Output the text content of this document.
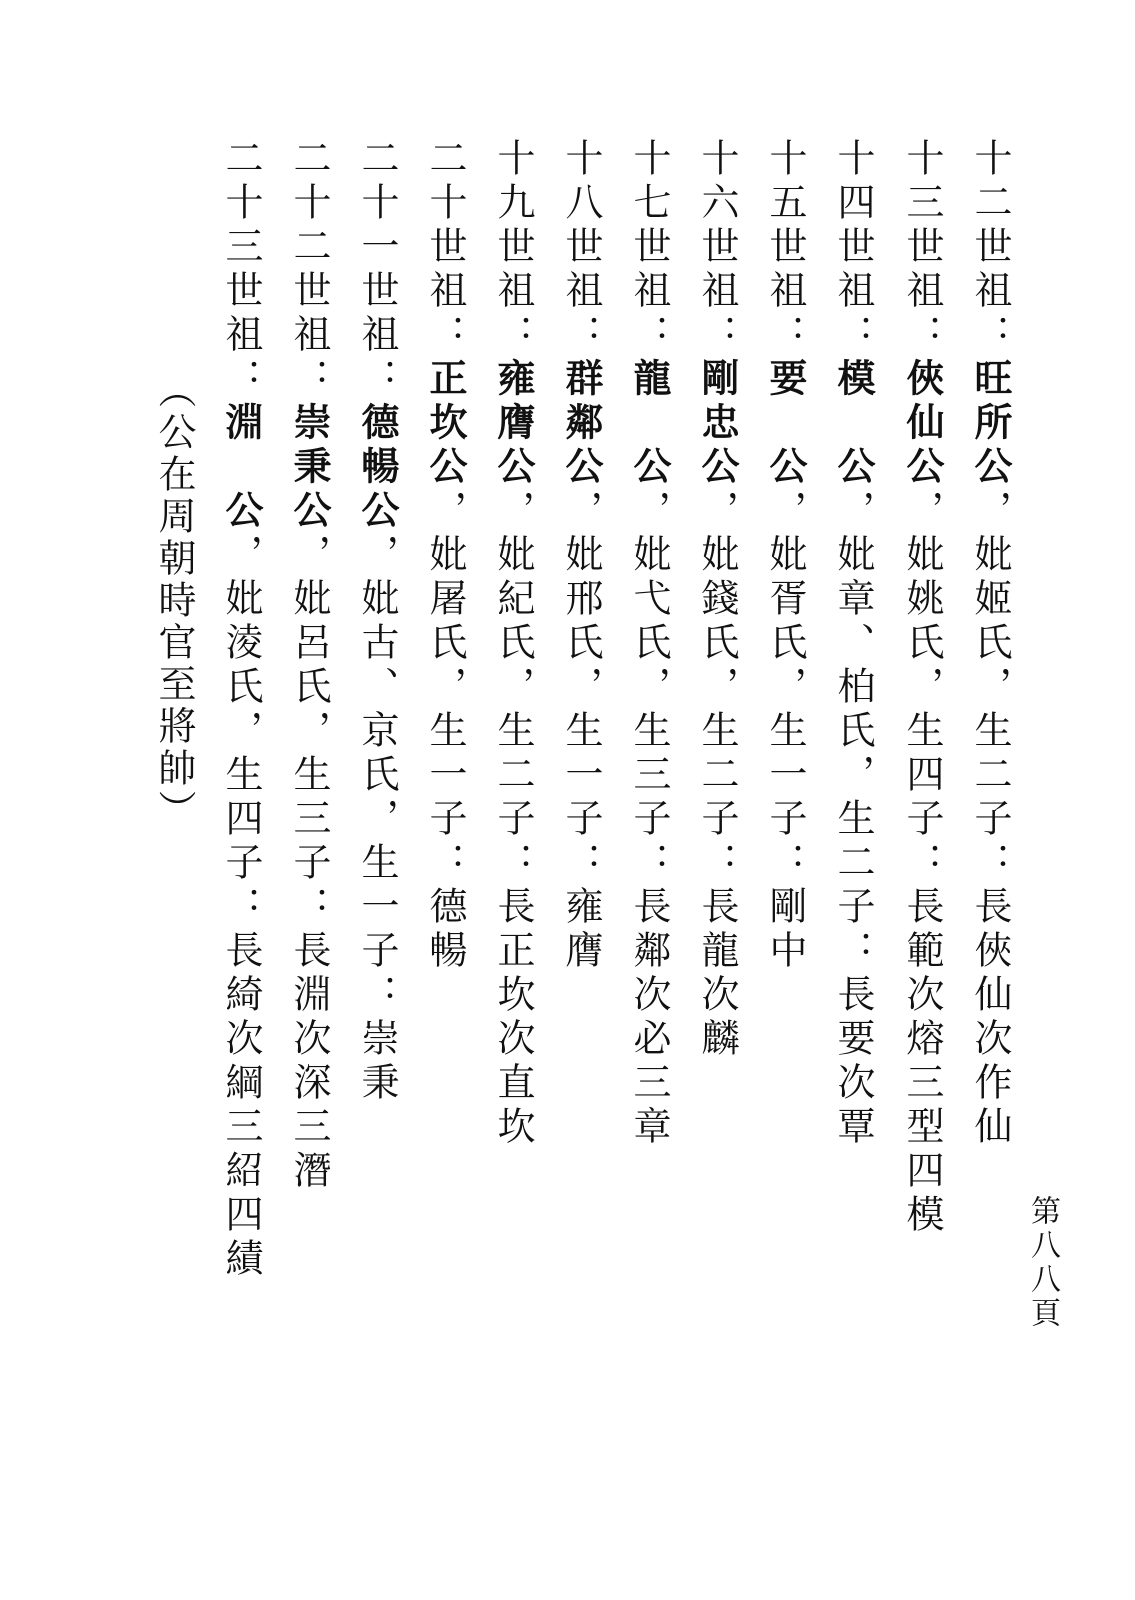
十二世祖：旺所公，妣姬氏，生二子：長俠仙次作仙
十三世祖：俠仙公，妣姚氏，生四子：長範次熔三型四模
十四世祖：模　公，妣章、柏氏，生二子：長要次覃
十五世祖：要　公，妣胥氏，生一子：剛中
十六世祖：剛忠公，妣錢氏，生二子：長龍次麟
十七世祖：龍　公，妣弋氏，生三子：長鄰次必三章
十八世祖：群鄰公，妣邢氏，生一子：雍膺
十九世祖：雍膺公，妣紀氏，生二子：長正坎次直坎
二十世祖：正坎公，妣屠氏，生一子：德暢
二十一世祖：德暢公，妣古、京氏，生一子：崇秉
二十二世祖：崇秉公，妣呂氏，生三子：長淵次深三潛
二十三世祖：淵　公，妣淩氏，生四子：長綺次綱三紹四績
（公在周朝時官至將帥）
第八八頁
